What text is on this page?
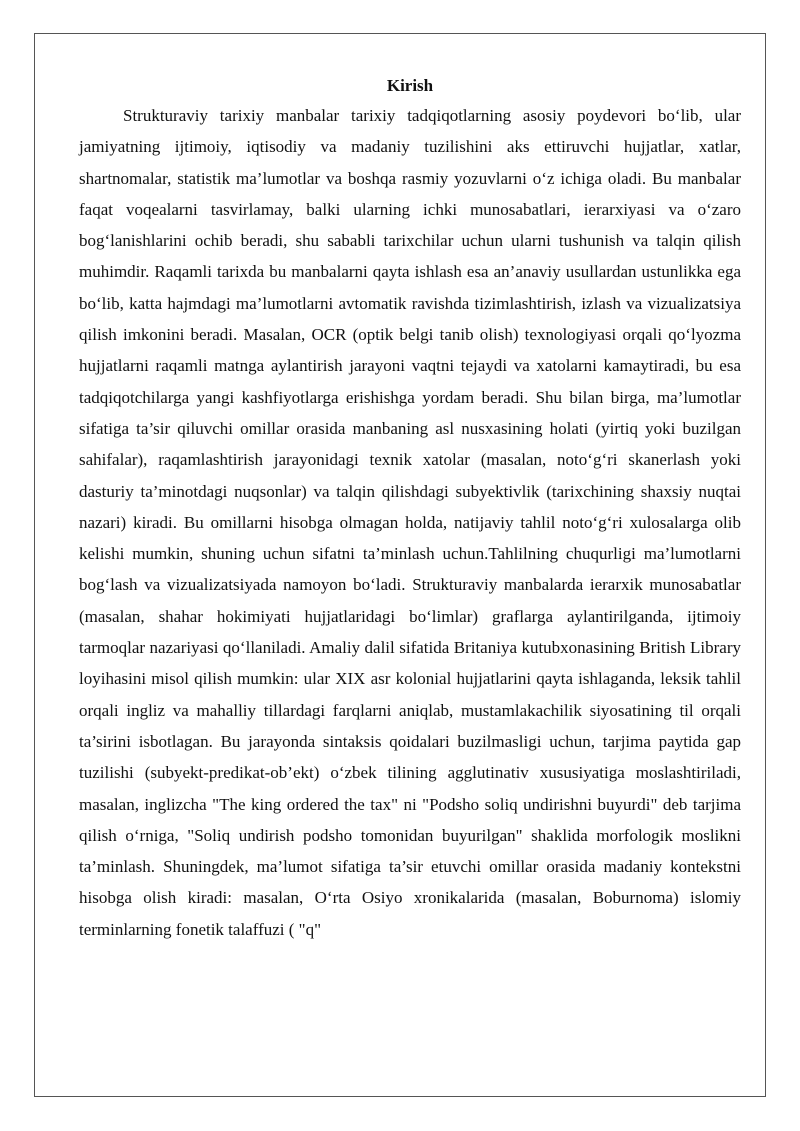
Kirish

Strukturaviy tarixiy manbalar tarixiy tadqiqotlarning asosiy poydevori bo‘lib, ular jamiyatning ijtimoiy, iqtisodiy va madaniy tuzilishini aks ettiruvchi hujjatlar, xatlar, shartnomalar, statistik ma’lumotlar va boshqa rasmiy yozuvlarni o‘z ichiga oladi. Bu manbalar faqat voqealarni tasvirlamay, balki ularning ichki munosabatlari, ierarxiyasi va o‘zaro bog‘lanishlarini ochib beradi, shu sababli tarixchilar uchun ularni tushunish va talqin qilish muhimdir. Raqamli tarixda bu manbalarni qayta ishlash esa an’anaviy usullardan ustunlikka ega bo‘lib, katta hajmdagi ma’lumotlarni avtomatik ravishda tizimlashtirish, izlash va vizualizatsiya qilish imkonini beradi. Masalan, OCR (optik belgi tanib olish) texnologiyasi orqali qo‘lyozma hujjatlarni raqamli matnga aylantirish jarayoni vaqtni tejaydi va xatolarni kamaytiradi, bu esa tadqiqotchilarga yangi kashfiyotlarga erishishga yordam beradi. Shu bilan birga, ma’lumotlar sifatiga ta’sir qiluvchi omillar orasida manbaning asl nusxasining holati (yirtiq yoki buzilgan sahifalar), raqamlashtirish jarayonidagi texnik xatolar (masalan, noto‘g‘ri skanerlash yoki dasturiy ta’minotdagi nuqsonlar) va talqin qilishdagi subyektivlik (tarixchining shaxsiy nuqtai nazari) kiradi. Bu omillarni hisobga olmagan holda, natijaviy tahlil noto‘g‘ri xulosalarga olib kelishi mumkin, shuning uchun sifatni ta’minlash uchun.Tahlilning chuqurligi ma’lumotlarni bog‘lash va vizualizatsiyada namoyon bo‘ladi. Strukturaviy manbalarda ierarxik munosabatlar (masalan, shahar hokimiyati hujjatlaridagi bo‘limlar) graflarga aylantirilganda, ijtimoiy tarmoqlar nazariyasi qo‘llaniladi. Amaliy dalil sifatida Britaniya kutubxonasining British Library loyihasini misol qilish mumkin: ular XIX asr kolonial hujjatlarini qayta ishlaganda, leksik tahlil orqali ingliz va mahalliy tillardagi farqlarni aniqlab, mustamlakachilik siyosatining til orqali ta’sirini isbotlagan. Bu jarayonda sintaksis qoidalari buzilmasligi uchun, tarjima paytida gap tuzilishi (subyekt-predikat-ob’ekt) o‘zbek tilining agglutinativ xususiyatiga moslashtiriladi, masalan, inglizcha "The king ordered the tax" ni "Podsho soliq undirishni buyurdi" deb tarjima qilish o‘rniga, "Soliq undirish podsho tomonidan buyurilgan" shaklida morfologik moslikni ta’minlash. Shuningdek, ma’lumot sifatiga ta’sir etuvchi omillar orasida madaniy kontekstni hisobga olish kiradi: masalan, O‘rta Osiyo xronikalarida (masalan, Boburnoma) islomiy terminlarning fonetik talaffuzi ( "q"
